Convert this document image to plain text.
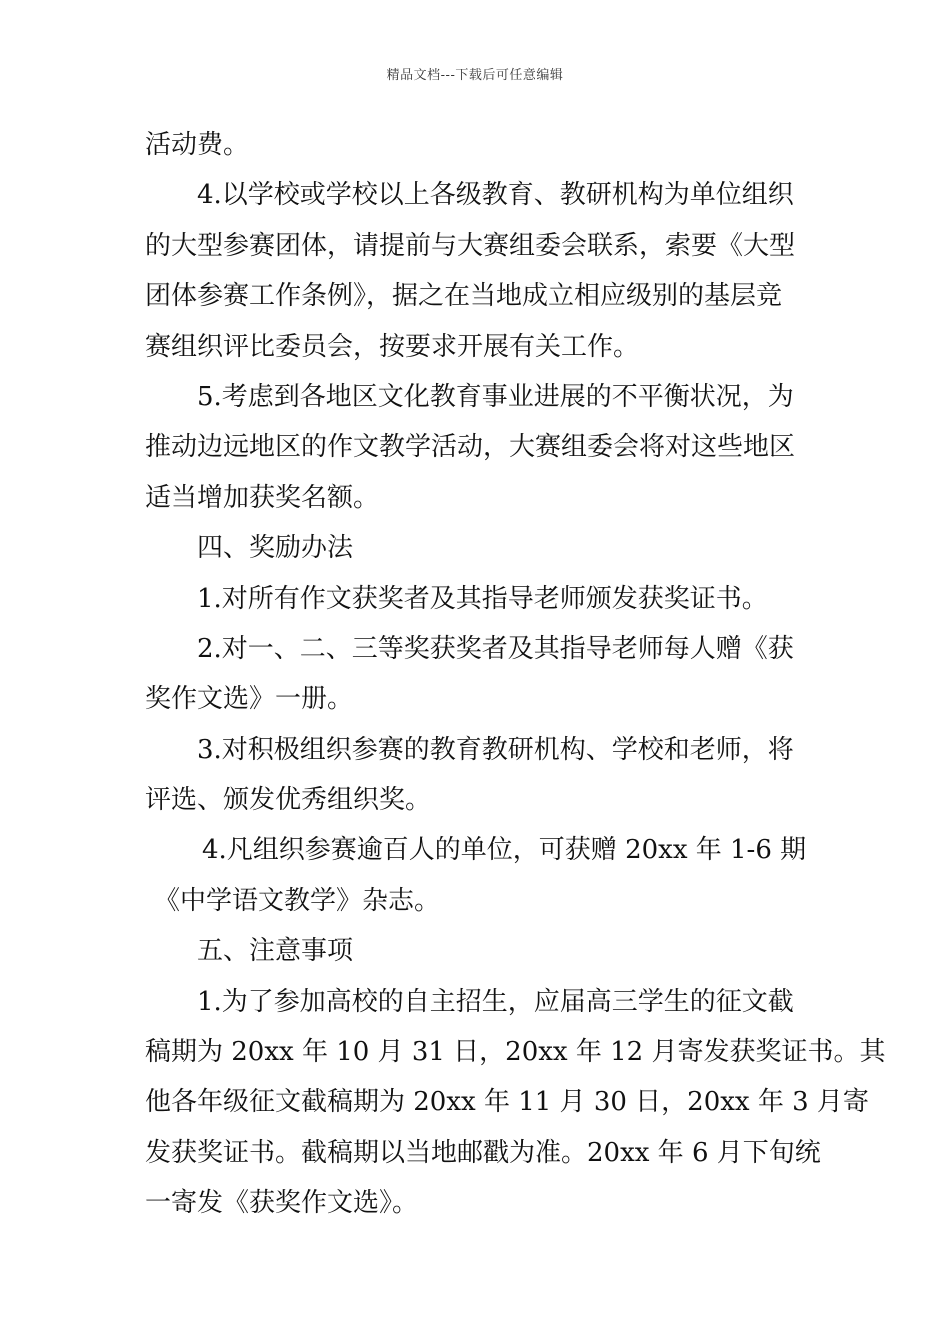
精品文档---下载后可任意编辑
活动费。
4.以学校或学校以上各级教育、教研机构为单位组织
的大型参赛团体，请提前与大赛组委会联系，索要《大型
团体参赛工作条例》，据之在当地成立相应级别的基层竞
赛组织评比委员会，按要求开展有关工作。
5.考虑到各地区文化教育事业进展的不平衡状况，为
推动边远地区的作文教学活动，大赛组委会将对这些地区
适当增加获奖名额。
四、奖励办法
1.对所有作文获奖者及其指导老师颁发获奖证书。
2.对一、二、三等奖获奖者及其指导老师每人赠《获
奖作文选》一册。
3.对积极组织参赛的教育教研机构、学校和老师，将
评选、颁发优秀组织奖。
4.凡组织参赛逾百人的单位，可获赠 20xx 年 1-6 期
《中学语文教学》杂志。
五、注意事项
1.为了参加高校的自主招生，应届高三学生的征文截
稿期为 20xx 年 10 月 31 日，20xx 年 12 月寄发获奖证书。其
他各年级征文截稿期为 20xx 年 11 月 30 日，20xx 年 3 月寄
发获奖证书。截稿期以当地邮戳为准。20xx 年 6 月下旬统
一寄发《获奖作文选》。
